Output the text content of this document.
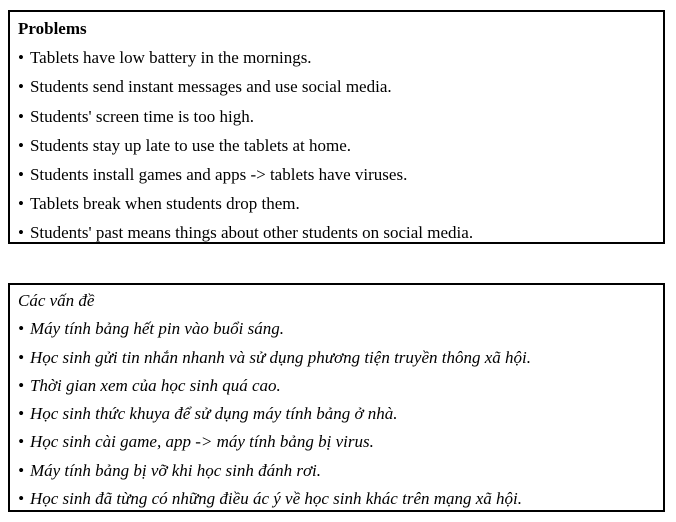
Problems
• Tablets have low battery in the mornings.
• Students send instant messages and use social media.
• Students' screen time is too high.
• Students stay up late to use the tablets at home.
• Students install games and apps -> tablets have viruses.
• Tablets break when students drop them.
• Students' past means things about other students on social media.
Các vấn đề
• Máy tính bảng hết pin vào buổi sáng.
• Học sinh gửi tin nhắn nhanh và sử dụng phương tiện truyền thông xã hội.
• Thời gian xem của học sinh quá cao.
• Học sinh thức khuya để sử dụng máy tính bảng ở nhà.
• Học sinh cài game, app -> máy tính bảng bị virus.
• Máy tính bảng bị vỡ khi học sinh đánh rơi.
• Học sinh đã từng có những điều ác ý về học sinh khác trên mạng xã hội.
